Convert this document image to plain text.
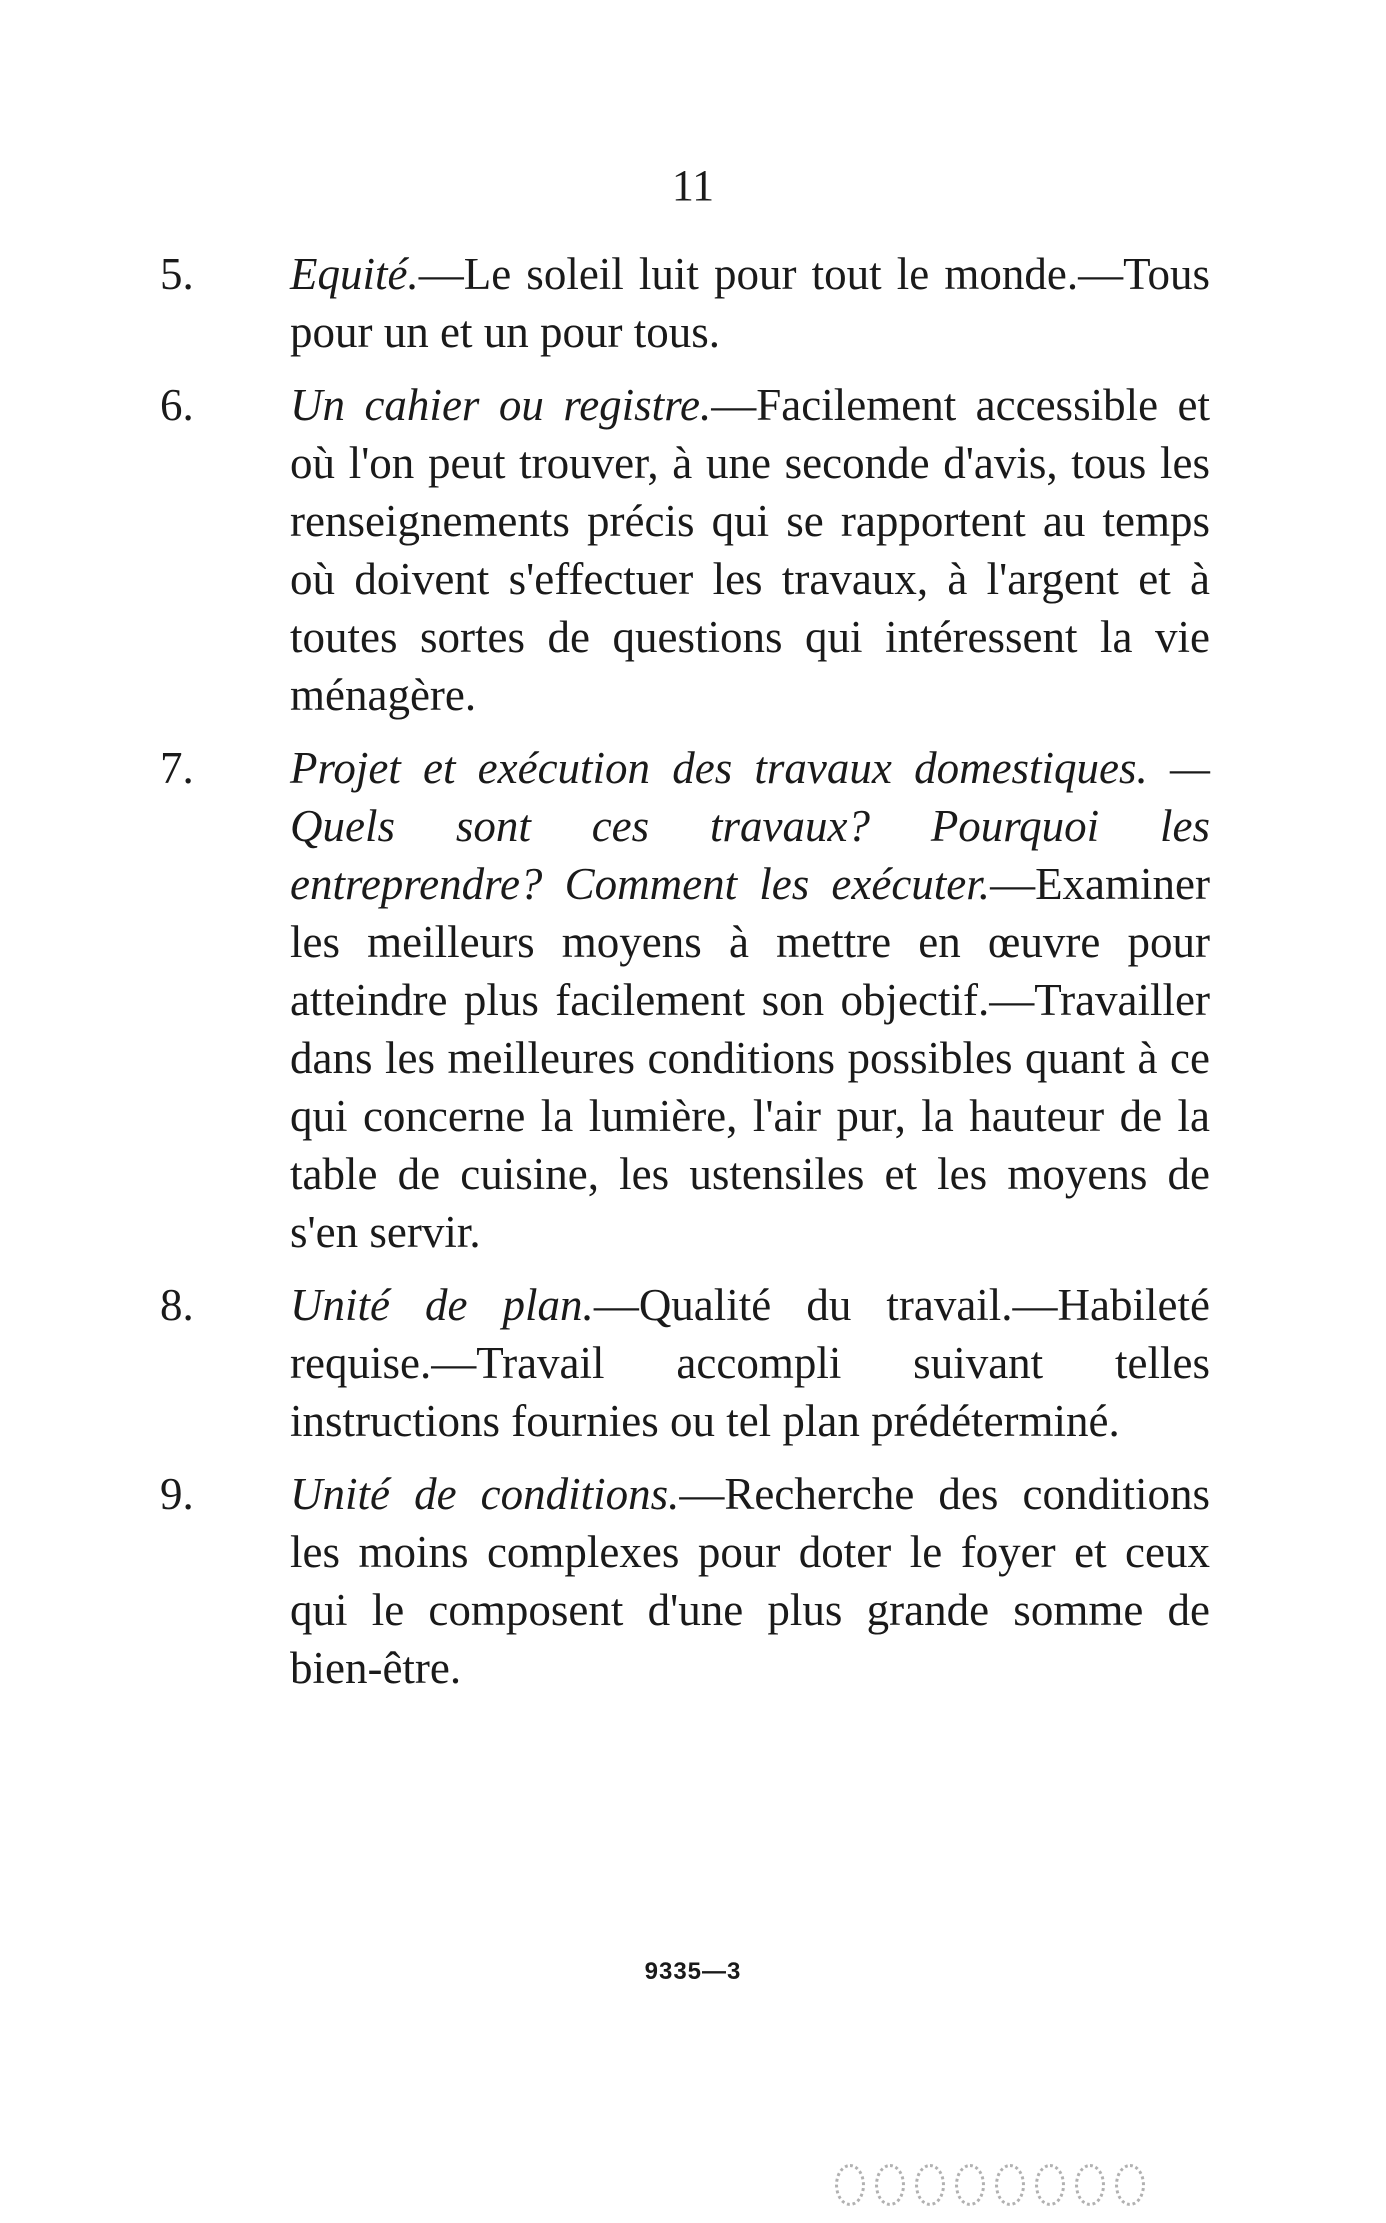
11
5.	Equité.—Le soleil luit pour tout le monde.—Tous pour un et un pour tous.
6.	Un cahier ou registre.—Facilement accessible et où l'on peut trouver, à une seconde d'avis, tous les renseignements précis qui se rapportent au temps où doivent s'effectuer les travaux, à l'argent et à toutes sortes de questions qui intéressent la vie ménagère.
7.	Projet et exécution des travaux domestiques. —Quels sont ces travaux? Pourquoi les entreprendre? Comment les exécuter.—Examiner les meilleurs moyens à mettre en œuvre pour atteindre plus facilement son objectif.—Travailler dans les meilleures conditions possibles quant à ce qui concerne la lumière, l'air pur, la hauteur de la table de cuisine, les ustensiles et les moyens de s'en servir.
8.	Unité de plan.—Qualité du travail.—Habileté requise.—Travail accompli suivant telles instructions fournies ou tel plan prédéterminé.
9.	Unité de conditions.—Recherche des conditions les moins complexes pour doter le foyer et ceux qui le composent d'une plus grande somme de bien-être.
9335—3
